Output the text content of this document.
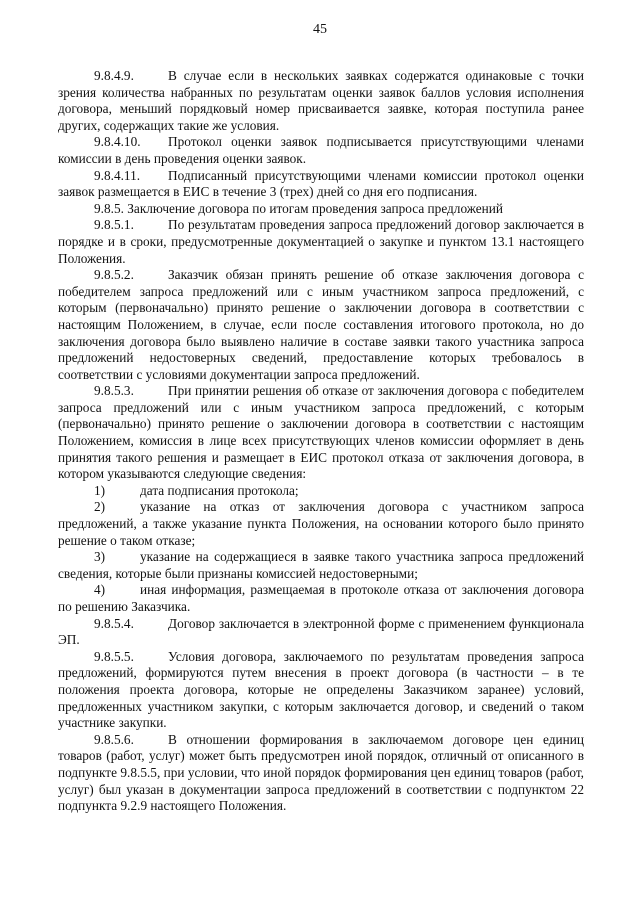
45

9.8.4.9.	В случае если в нескольких заявках содержатся одинаковые с точки зрения количества набранных по результатам оценки заявок баллов условия исполнения договора, меньший порядковый номер присваивается заявке, которая поступила ранее других, содержащих такие же условия.

9.8.4.10. Протокол оценки заявок подписывается присутствующими членами комиссии в день проведения оценки заявок.

9.8.4.11. Подписанный присутствующими членами комиссии протокол оценки заявок размещается в ЕИС в течение 3 (трех) дней со дня его подписания.

9.8.5. Заключение договора по итогам проведения запроса предложений

9.8.5.1.	По результатам проведения запроса предложений договор заключается в порядке и в сроки, предусмотренные документацией о закупке и пунктом 13.1 настоящего Положения.

9.8.5.2.	Заказчик обязан принять решение об отказе заключения договора с победителем запроса предложений или с иным участником запроса предложений, с которым (первоначально) принято решение о заключении договора в соответствии с настоящим Положением, в случае, если после составления итогового протокола, но до заключения договора было выявлено наличие в составе заявки такого участника запроса предложений недостоверных сведений, предоставление которых требовалось в соответствии с условиями документации запроса предложений.

9.8.5.3.	При принятии решения об отказе от заключения договора с победителем запроса предложений или с иным участником запроса предложений, с которым (первоначально) принято решение о заключении договора в соответствии с настоящим Положением, комиссия в лице всех присутствующих членов комиссии оформляет в день принятия такого решения и размещает в ЕИС протокол отказа от заключения договора, в котором указываются следующие сведения:

1)	дата подписания протокола;

2)	указание на отказ от заключения договора с участником запроса предложений, а также указание пункта Положения, на основании которого было принято решение о таком отказе;

3)	указание на содержащиеся в заявке такого участника запроса предложений сведения, которые были признаны комиссией недостоверными;

4)	иная информация, размещаемая в протоколе отказа от заключения договора по решению Заказчика.

9.8.5.4.	Договор заключается в электронной форме с применением функционала ЭП.

9.8.5.5.	Условия договора, заключаемого по результатам проведения запроса предложений, формируются путем внесения в проект договора (в частности – в те положения проекта договора, которые не определены Заказчиком заранее) условий, предложенных участником закупки, с которым заключается договор, и сведений о таком участнике закупки.

9.8.5.6.	В отношении формирования в заключаемом договоре цен единиц товаров (работ, услуг) может быть предусмотрен иной порядок, отличный от описанного в подпункте 9.8.5.5, при условии, что иной порядок формирования цен единиц товаров (работ, услуг) был указан в документации запроса предложений в соответствии с подпунктом 22 подпункта 9.2.9 настоящего Положения.
